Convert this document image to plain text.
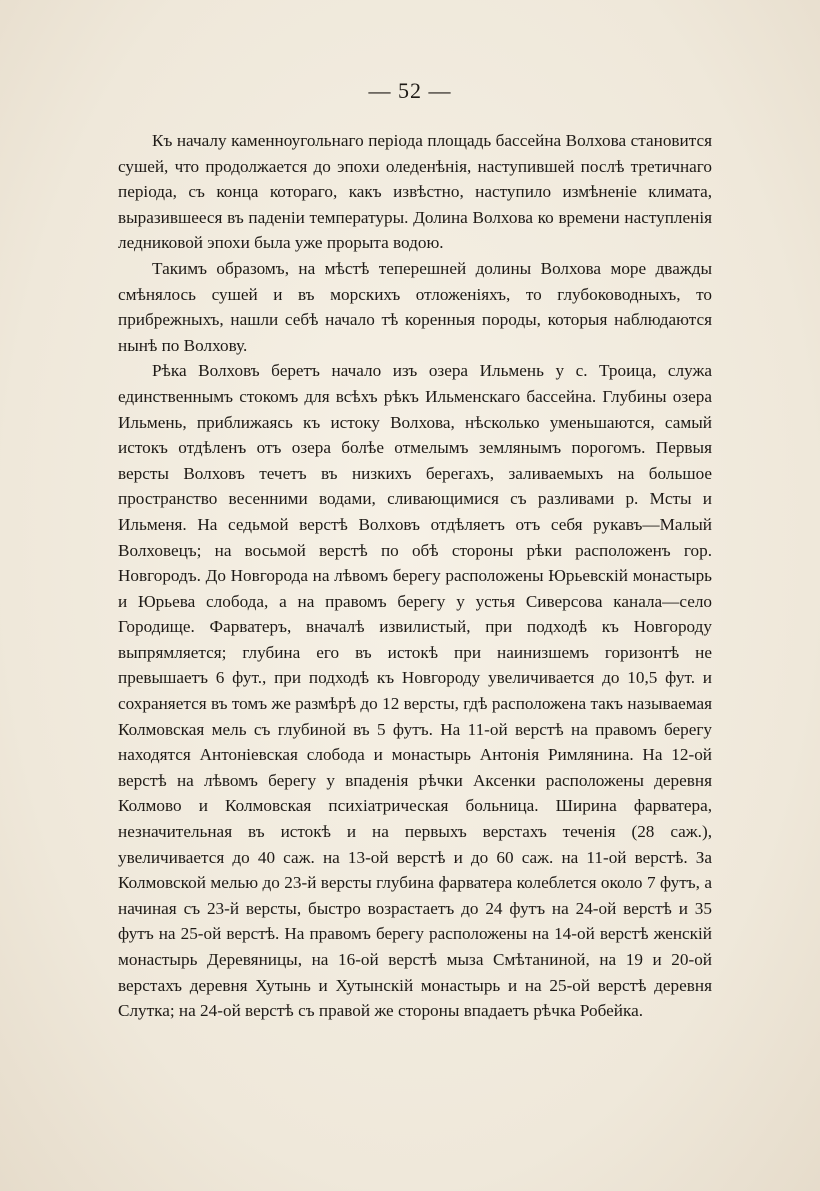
— 52 —

Къ началу каменноугольнаго періода площадь бассейна Волхова становится сушей, что продолжается до эпохи оледенѣнія, наступившей послѣ третичнаго періода, съ конца котораго, какъ извѣстно, наступило измѣненіе климата, выразившееся въ паденіи температуры. Долина Волхова ко времени наступленія ледниковой эпохи была уже прорыта водою.

Такимъ образомъ, на мѣстѣ теперешней долины Волхова море дважды смѣнялось сушей и въ морскихъ отложеніяхъ, то глубоководныхъ, то прибрежныхъ, нашли себѣ начало тѣ коренныя породы, которыя наблюдаются нынѣ по Волхову.

Рѣка Волховъ беретъ начало изъ озера Ильмень у с. Троица, служа единственнымъ стокомъ для всѣхъ рѣкъ Ильменскаго бассейна. Глубины озера Ильмень, приближаясь къ истоку Волхова, нѣсколько уменьшаются, самый истокъ отдѣленъ отъ озера болѣе отмелымъ землянымъ порогомъ. Первыя версты Волховъ течетъ въ низкихъ берегахъ, заливаемыхъ на большое пространство весенними водами, сливающимися съ разливами р. Мсты и Ильменя. На седьмой верстѣ Волховъ отдѣляетъ отъ себя рукавъ—Малый Волховецъ; на восьмой верстѣ по обѣ стороны рѣки расположенъ гор. Новгородъ. До Новгорода на лѣвомъ берегу расположены Юрьевскій монастырь и Юрьева слобода, а на правомъ берегу у устья Сиверсова канала—село Городище. Фарватеръ, вначалѣ извилистый, при подходѣ къ Новгороду выпрямляется; глубина его въ истокѣ при наинизшемъ горизонтѣ не превышаетъ 6 фут., при подходѣ къ Новгороду увеличивается до 10,5 фут. и сохраняется въ томъ же размѣрѣ до 12 версты, гдѣ расположена такъ называемая Колмовская мель съ глубиной въ 5 футъ. На 11-ой верстѣ на правомъ берегу находятся Антоніевская слобода и монастырь Антонія Римлянина. На 12-ой верстѣ на лѣвомъ берегу у впаденія рѣчки Аксенки расположены деревня Колмово и Колмовская психіатрическая больница. Ширина фарватера, незначительная въ истокѣ и на первыхъ верстахъ теченія (28 саж.), увеличивается до 40 саж. на 13-ой верстѣ и до 60 саж. на 11-ой верстѣ. За Колмовской мелью до 23-й версты глубина фарватера колеблется около 7 футъ, а начиная съ 23-й версты, быстро возрастаетъ до 24 футъ на 24-ой верстѣ и 35 футъ на 25-ой верстѣ. На правомъ берегу расположены на 14-ой верстѣ женскій монастырь Деревяницы, на 16-ой верстѣ мыза Смѣтаниной, на 19 и 20-ой верстахъ деревня Хутынь и Хутынскій монастырь и на 25-ой верстѣ деревня Слутка; на 24-ой верстѣ съ правой же стороны впадаетъ рѣчка Робейка.
